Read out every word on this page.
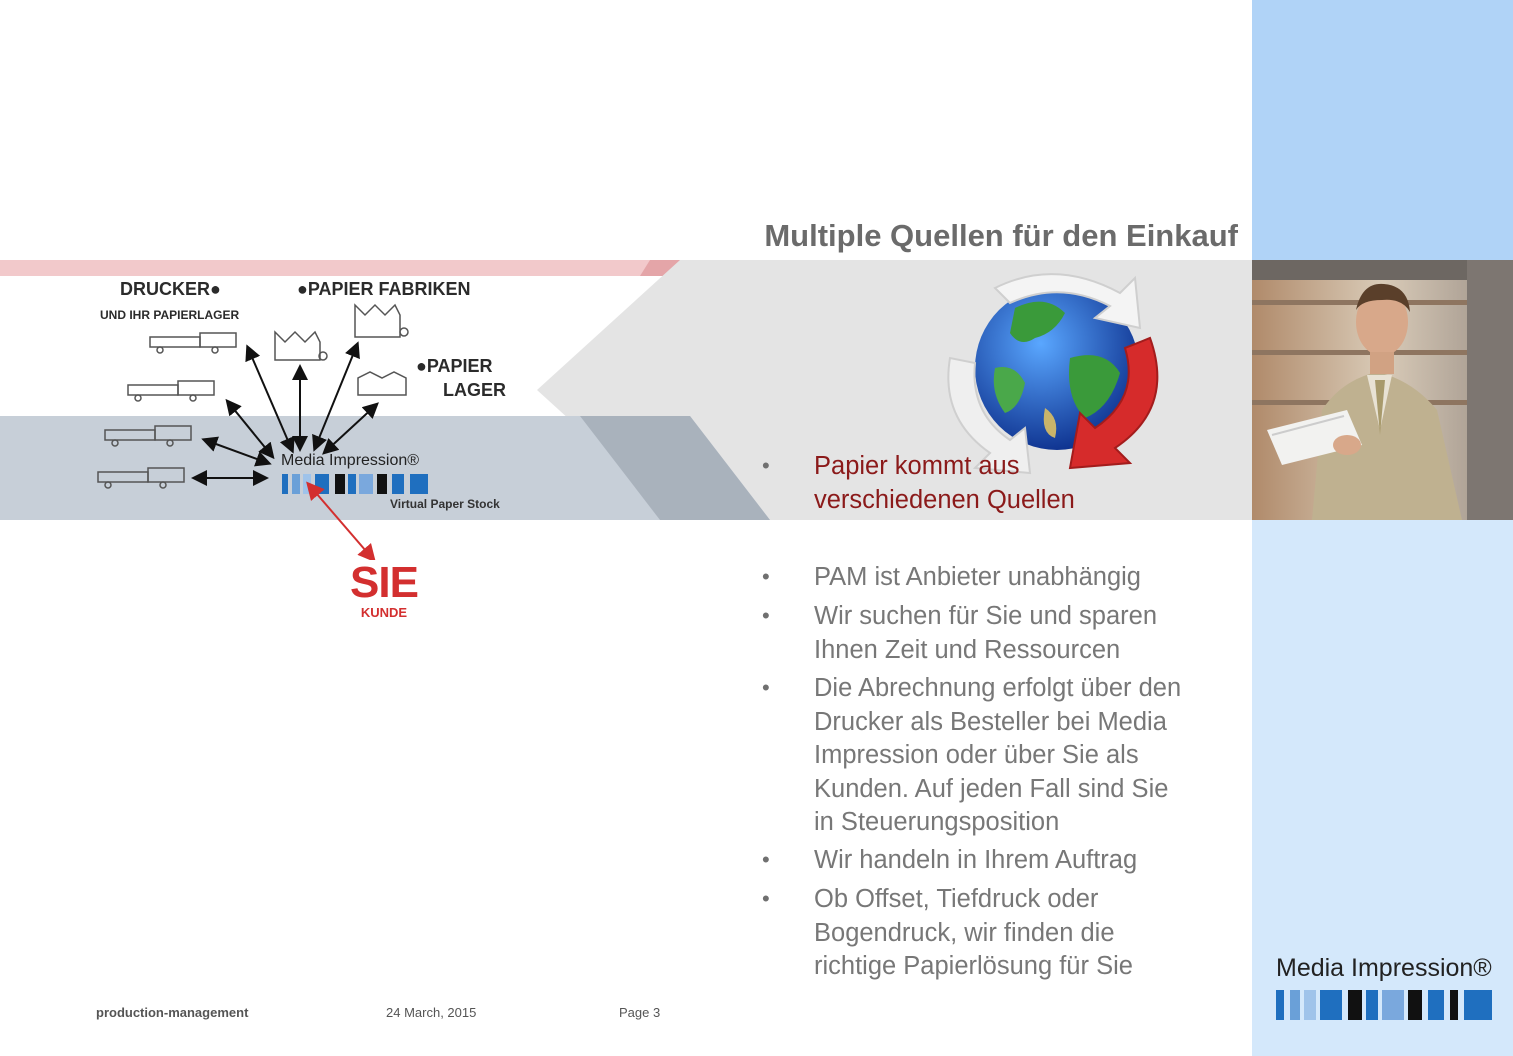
Multiple Quellen für den Einkauf
DRUCKER●
UND IHR PAPIERLAGER
●PAPIER FABRIKEN
●PAPIER
LAGER
Media Impression®
Virtual Paper Stock
SIE
KUNDE
• Papier kommt aus verschiedenen Quellen
• PAM ist Anbieter unabhängig
• Wir suchen für Sie und sparen Ihnen Zeit und Ressourcen
• Die Abrechnung erfolgt über den Drucker als Besteller bei Media Impression oder über Sie als Kunden. Auf jeden Fall sind Sie in Steuerungsposition
• Wir handeln in Ihrem Auftrag
• Ob Offset, Tiefdruck oder Bogendruck, wir finden die richtige Papierlösung für Sie
production-management	24 March, 2015	Page 3
Media Impression®
